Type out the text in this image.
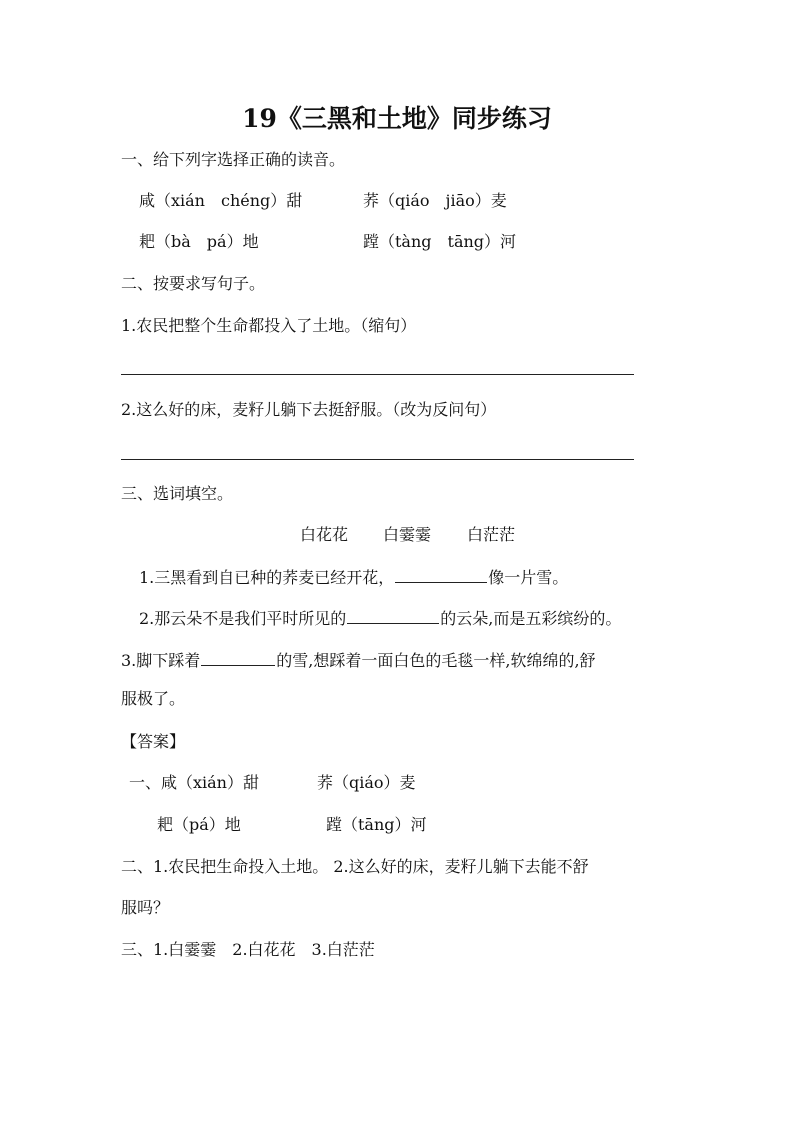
19《三黑和土地》同步练习
一、给下列字选择正确的读音。
咸（xián　chéng）甜	荞（qiáo　jiāo）麦
耙（bà　pá）地	蹚（tàng　tāng）河
二、按要求写句子。
1.农民把整个生命都投入了土地。（缩句）
2.这么好的床，麦籽儿躺下去挺舒服。（改为反问句）
三、选词填空。
白花花 白霎霎 白茫茫
1.三黑看到自已种的荞麦已经开花，	像一片雪。
2.那云朵不是我们平时所见的	的云朵,而是五彩缤纷的。
3.脚下踩着	的雪,想踩着一面白色的毛毯一样,软绵绵的,舒
服极了。
【答案】
一、咸（xián）甜	荞（qiáo）麦
耙（pá）地	蹚（tāng）河
二、1.农民把生命投入土地。 2.这么好的床，麦籽儿躺下去能不舒
服吗？
三、1.白霎霎　2.白花花　3.白茫茫
